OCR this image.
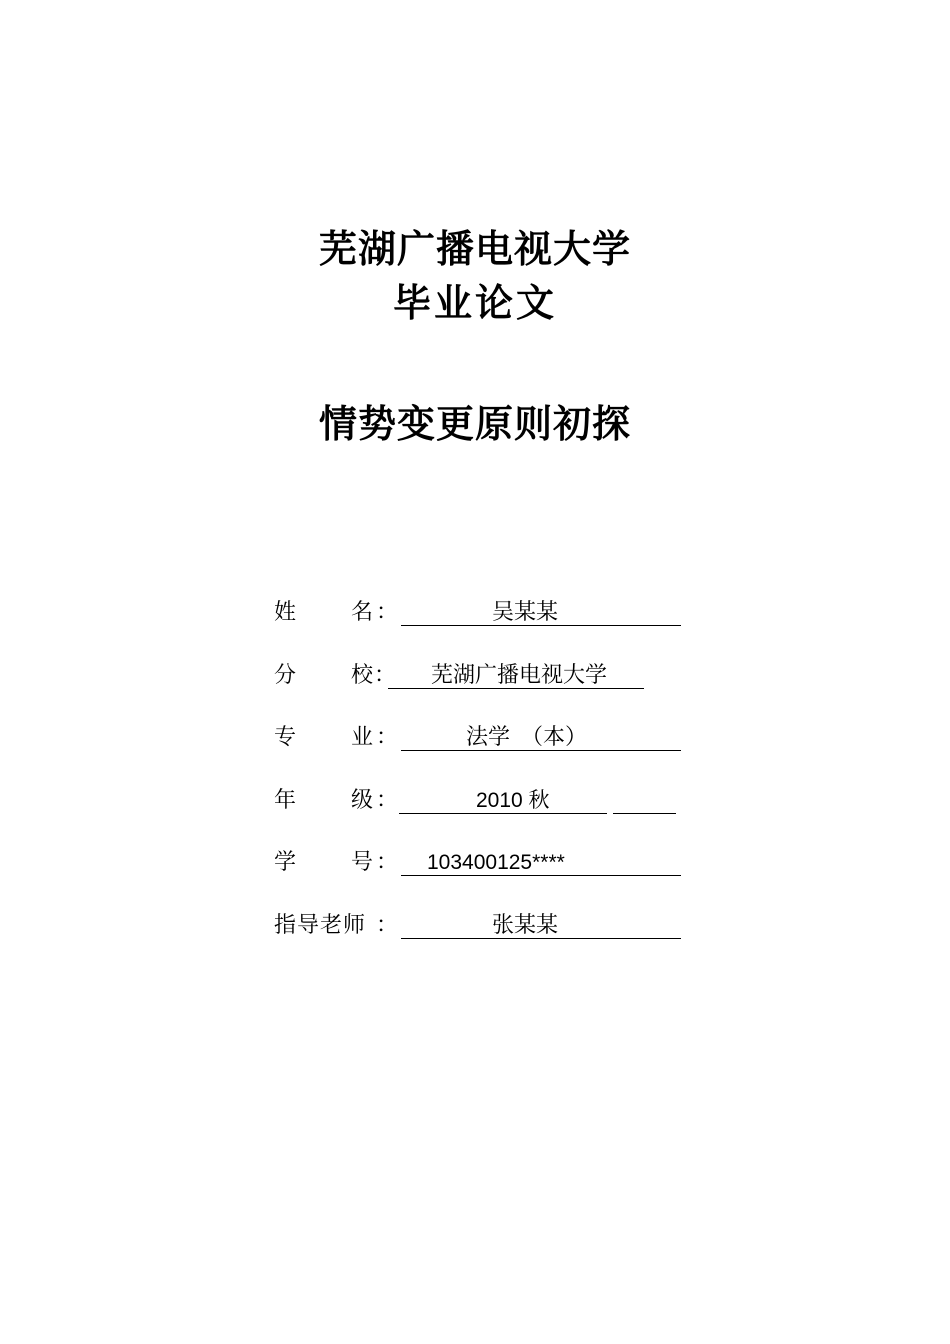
芜湖广播电视大学
毕业论文
情势变更原则初探
姓 名 ：	吴某某
分 校 ： 芜湖广播电视大学
专 业 ：	法学 （本）
年 级 ：	2010 秋
学 号 ： 103400125****
指导老师 ：	张某某
